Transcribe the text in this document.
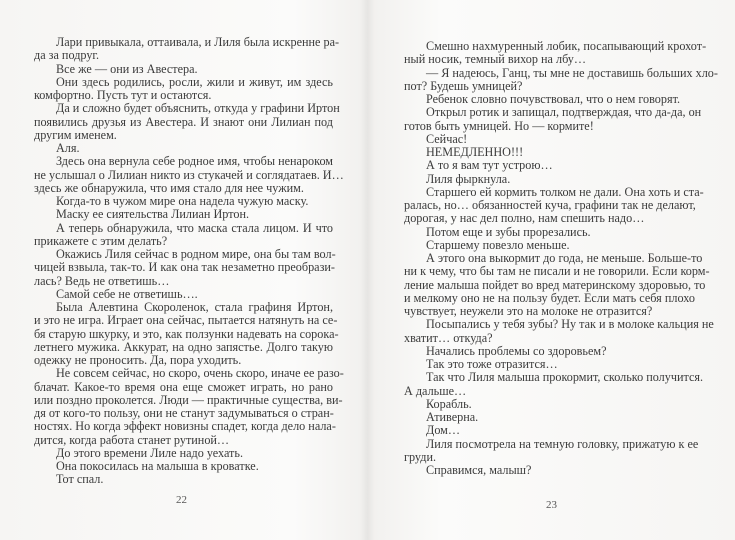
Лари привыкала, оттаивала, и Лиля была искренне ра-
да за подруг.
Все же — они из Авестера.
Они здесь родились, росли, жили и живут, им здесь
комфортно. Пусть тут и остаются.
Да и сложно будет объяснить, откуда у графини Иртон
появились друзья из Авестера. И знают они Лилиан под
другим именем.
Аля.
Здесь она вернула себе родное имя, чтобы ненароком
не услышал о Лилиан никто из стукачей и соглядатаев. И…
здесь же обнаружила, что имя стало для нее чужим.
Когда-то в чужом мире она надела чужую маску.
Маску ее сиятельства Лилиан Иртон.
А теперь обнаружила, что маска стала лицом. И что
прикажете с этим делать?
Окажись Лиля сейчас в родном мире, она бы там вол-
чицей взвыла, так-то. И как она так незаметно преобрази-
лась? Ведь не ответишь…
Самой себе не ответишь….
Была Алевтина Скороленок, стала графиня Иртон,
и это не игра. Играет она сейчас, пытается натянуть на се-
бя старую шкурку, и это, как ползунки надевать на сорока-
летнего мужика. Аккурат, на одно запястье. Долго такую
одежку не проносить. Да, пора уходить.
Не совсем сейчас, но скоро, очень скоро, иначе ее разо-
блачат. Какое-то время она еще сможет играть, но рано
или поздно проколется. Люди — практичные существа, ви-
дя от кого-то пользу, они не станут задумываться о стран-
ностях. Но когда эффект новизны спадет, когда дело нала-
дится, когда работа станет рутиной…
До этого времени Лиле надо уехать.
Она покосилась на малыша в кроватке.
Тот спал.
22
Смешно нахмуренный лобик, посапывающий крохот-
ный носик, темный вихор на лбу…
— Я надеюсь, Ганц, ты мне не доставишь больших хло-
пот? Будешь умницей?
Ребенок словно почувствовал, что о нем говорят.
Открыл ротик и запищал, подтверждая, что да-да, он
готов быть умницей. Но — кормите!
Сейчас!
НЕМЕДЛЕННО!!!
А то я вам тут устрою…
Лиля фыркнула.
Старшего ей кормить толком не дали. Она хоть и ста-
ралась, но… обязанностей куча, графини так не делают,
дорогая, у нас дел полно, нам спешить надо…
Потом еще и зубы прорезались.
Старшему повезло меньше.
А этого она выкормит до года, не меньше. Больше-то
ни к чему, что бы там не писали и не говорили. Если корм-
ление малыша пойдет во вред материнскому здоровью, то
и мелкому оно не на пользу будет. Если мать себя плохо
чувствует, неужели это на молоке не отразится?
Посыпались у тебя зубы? Ну так и в молоке кальция не
хватит… откуда?
Начались проблемы со здоровьем?
Так это тоже отразится…
Так что Лиля малыша прокормит, сколько получится.
А дальше…
Корабль.
Ативерна.
Дом…
Лиля посмотрела на темную головку, прижатую к ее
груди.
Справимся, малыш?
23
